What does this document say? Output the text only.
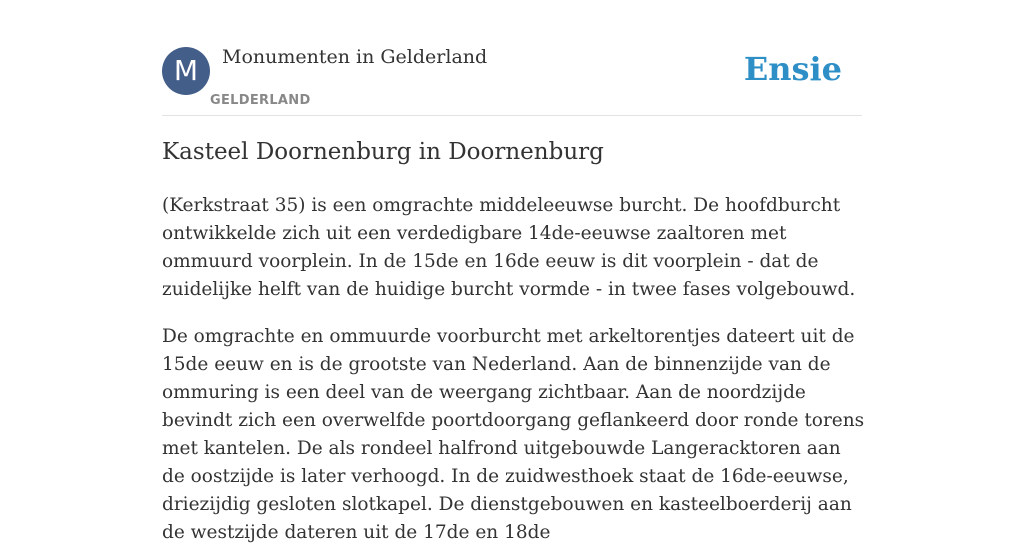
M	Monumenten in Gelderland
GELDERLAND
Ensie
Kasteel Doornenburg in Doornenburg

(Kerkstraat 35) is een omgrachte middeleeuwse burcht. De hoofdburcht ontwikkelde zich uit een verdedigbare 14de-eeuwse zaaltoren met ommuurd voorplein. In de 15de en 16de eeuw is dit voorplein - dat de zuidelijke helft van de huidige burcht vormde - in twee fases volgebouwd.

De omgrachte en ommuurde voorburcht met arkeltorentjes dateert uit de 15de eeuw en is de grootste van Nederland. Aan de binnenzijde van de ommuring is een deel van de weergang zichtbaar. Aan de noordzijde bevindt zich een overwelfde poortdoorgang geflankeerd door ronde torens met kantelen. De als rondeel halfrond uitgebouwde Langeracktoren aan de oostzijde is later verhoogd. In de zuidwesthoek staat de 16de-eeuwse, driezijdig gesloten slotkapel. De dienstgebouwen en kasteelboerderij aan de westzijde dateren uit de 17de en 18de
